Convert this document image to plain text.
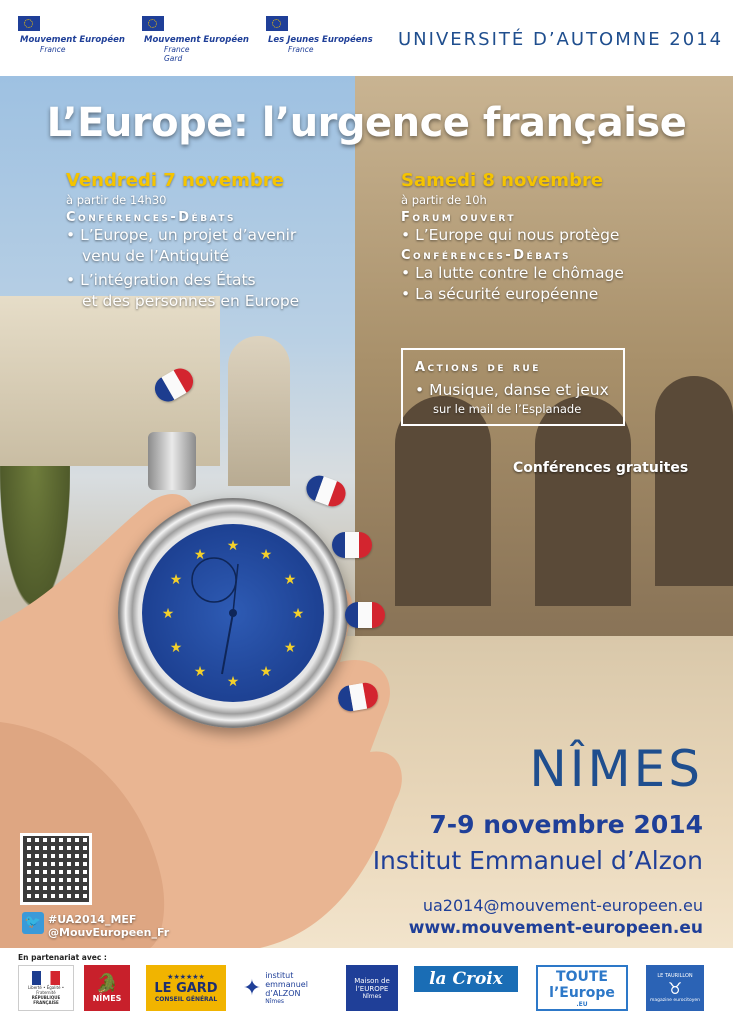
Mouvement Européen
France
Mouvement Européen
France
Gard
Les Jeunes Européens
France	UNIVERSITÉ D’AUTOMNE 2014
★
★
★
★
★
★
★
★
★
★
★
★
L’Europe: l’urgence française
Vendredi 7 novembre
à partir de 14h30
Conférences-Débats
• L’Europe, un projet d’avenir
venu de l’Antiquité
• L’intégration des États
et des personnes en Europe
Samedi 8 novembre
à partir de 10h
Forum ouvert
• L’Europe qui nous protège
Conférences-Débats
• La lutte contre le chômage
• La sécurité européenne
Actions de rue
• Musique, danse et jeux
sur le mail de l’Esplanade
Conférences gratuites
NÎMES
7-9 novembre 2014
Institut Emmanuel d’Alzon
ua2014@mouvement-europeen.eu
www.mouvement-europeen.eu
🐦 #UA2014_MEF
@MouvEuropeen_Fr
En partenariat avec :
Liberté • Égalité • Fraternité
RÉPUBLIQUE FRANÇAISE
🐊
NÎMES
★★★★★★
LE GARD
CONSEIL GÉNÉRAL ✦ institut emmanuel d’ALZON
Nîmes
Maison de l’EUROPE
Nîmes
la Croix	TOUTE l’Europe
.EU
LE TAURILLON
♉
magazine eurocitoyen
